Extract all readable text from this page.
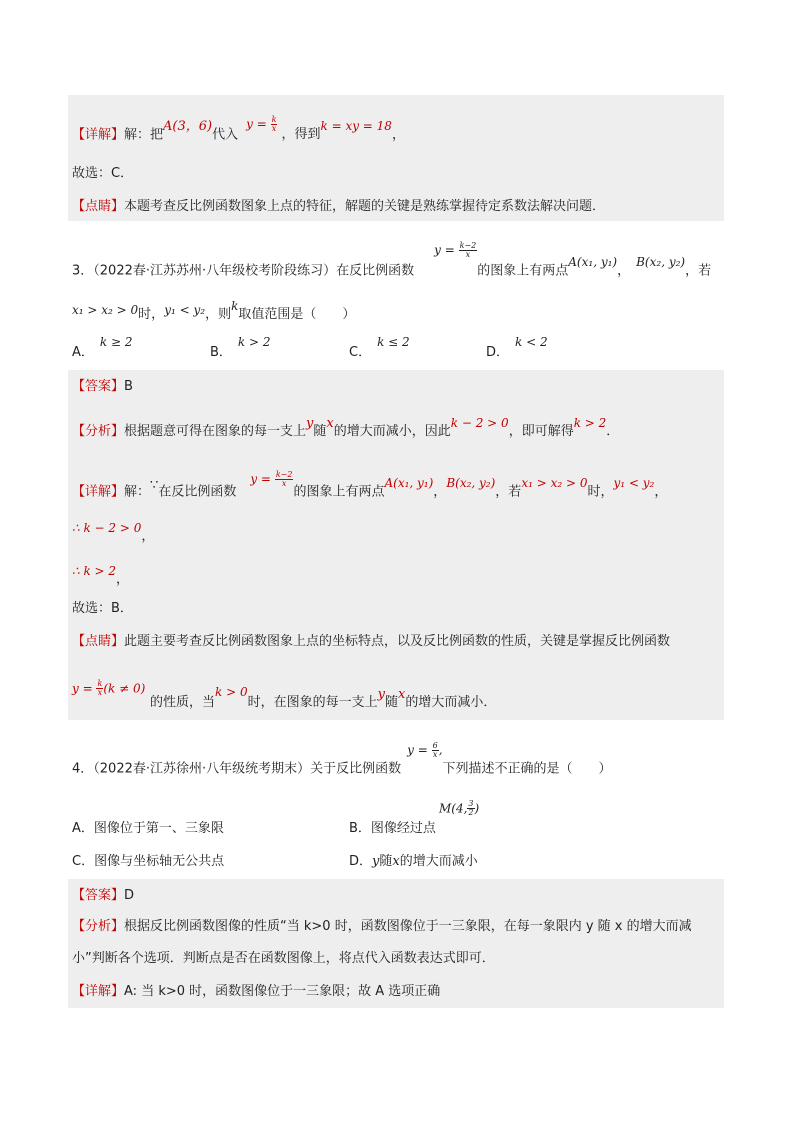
【详解】解：把A(3，6)代入$y = \frac{k}{x}$
，得到k = xy = 18，
故选：C．
【点睛】本题考查反比例函数图象上点的特征，解题的关键是熟练掌握待定系数法解决问题．
3．（2022春·江苏苏州·八年级校考阶段练习）在反比例函数$y = \frac{k-2}{x}$
的图象上有两点A(x₁, y₁)，B(x₂, y₂)，若
x₁ > x₂ > 0时，y₁ < y₂，则k取值范围是（　　）
A．k ≥ 2
B．k > 2
C．k ≤ 2
D．k < 2
【答案】B
【分析】根据题意可得在图象的每一支上y随x的增大而减小，因此k − 2 > 0，即可解得k > 2．
【详解】解：∵在反比例函数$y = \frac{k-2}{x}$
的图象上有两点A(x₁, y₁)，B(x₂, y₂)，若x₁ > x₂ > 0时，y₁ < y₂，
∴ k − 2 > 0，
∴ k > 2，
故选：B．
【点睛】此题主要考查反比例函数图象上点的坐标特点，以及反比例函数的性质，关键是掌握反比例函数
$y = \frac{k}{x} (k \ne 0)$
的性质，当k > 0时，在图象的每一支上y随x的增大而减小．
4．（2022春·江苏徐州·八年级统考期末）关于反比例函数$y = \frac{6}{x}$ ,下列描述不正确的是（　　）
A．图像位于第一、三象限	B．图像经过点
M(4, $\frac{3}{2}$ )
C．图像与坐标轴无公共点	D．y随x的增大而减小
【答案】D
【分析】根据反比例函数图像的性质“当 k>0 时，函数图像位于一三象限，在每一象限内 y 随 x 的增大而减
小”判断各个选项．判断点是否在函数图像上，将点代入函数表达式即可．
【详解】A: 当 k>0 时，函数图像位于一三象限；故 A 选项正确
